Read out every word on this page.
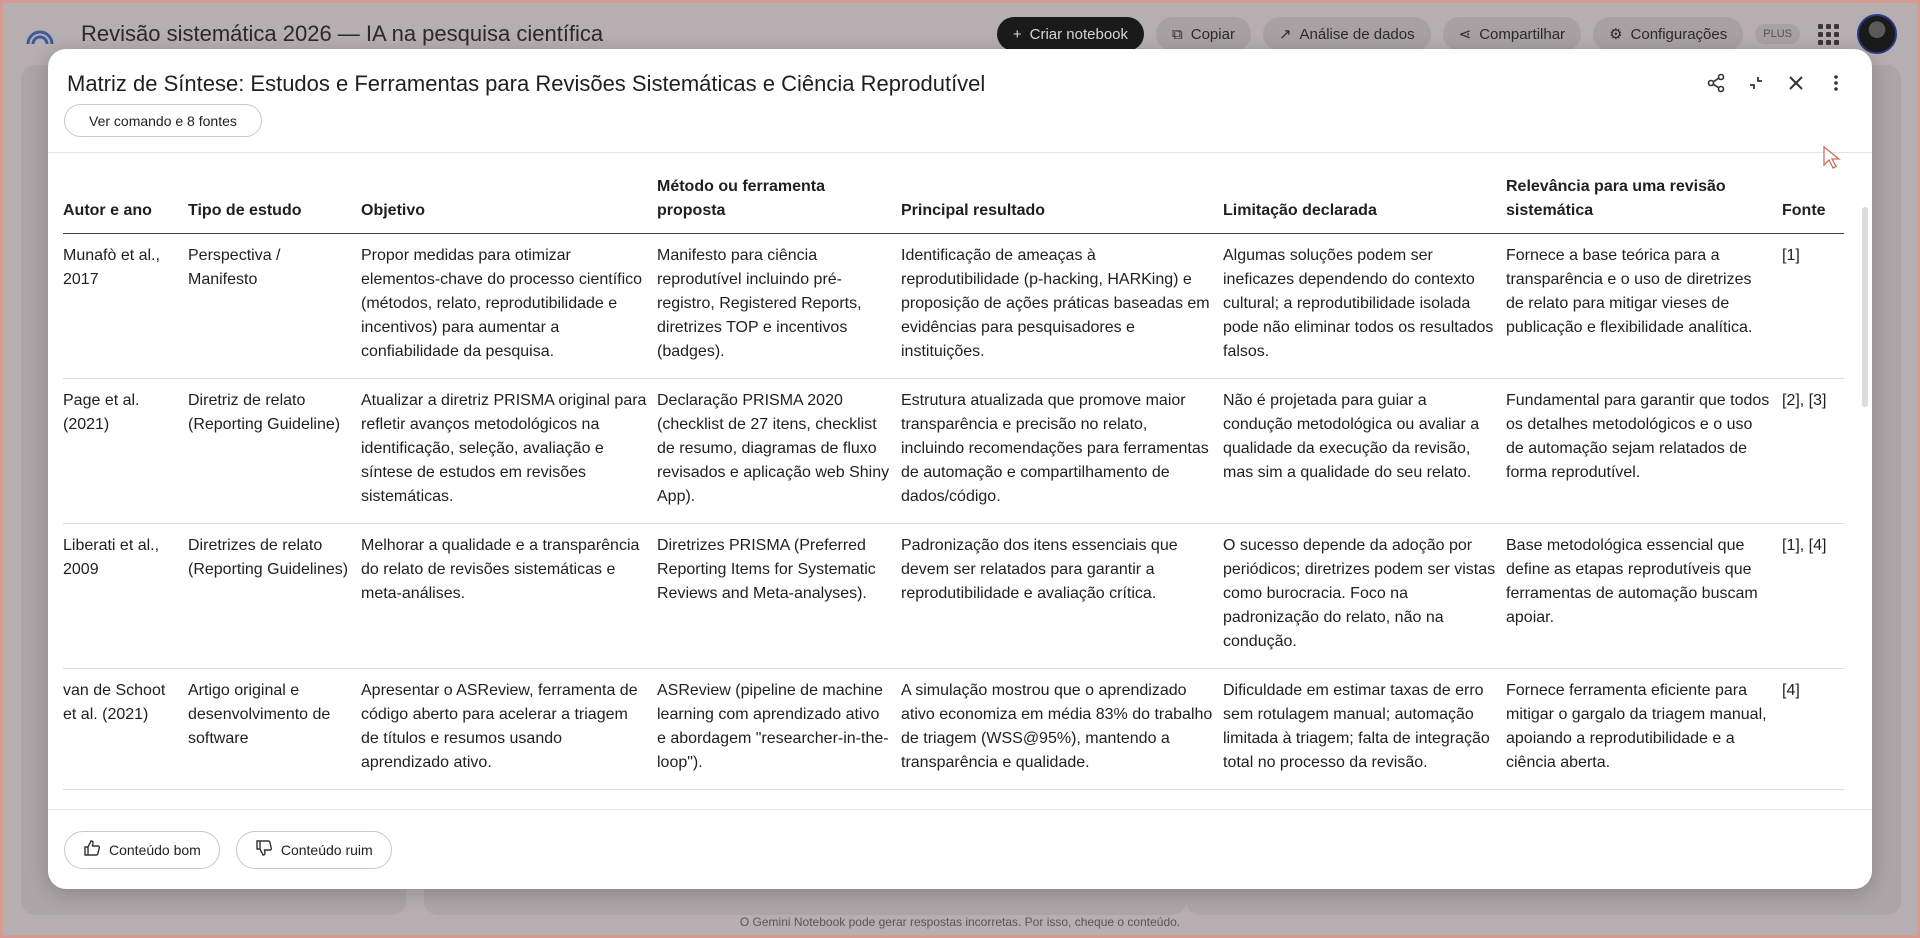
Revisão sistemática 2026 — IA na pesquisa científica	+ Criar notebook	⧉ Copiar	↗ Análise de dados	⋖ Compartilhar	⚙ Configurações	PLUS
O Gemini Notebook pode gerar respostas incorretas. Por isso, cheque o conteúdo.
Matriz de Síntese: Estudos e Ferramentas para Revisões Sistemáticas e Ciência Reprodutível
Ver comando e 8 fontes
Autor e ano	Tipo de estudo	Objetivo	Método ou ferramenta proposta	Principal resultado	Limitação declarada	Relevância para uma revisão sistemática	Fonte
Munafò et al., 2017	Perspectiva / Manifesto	Propor medidas para otimizar elementos-chave do processo científico (métodos, relato, reprodutibilidade e incentivos) para aumentar a confiabilidade da pesquisa.	Manifesto para ciência reprodutível incluindo pré-registro, Registered Reports, diretrizes TOP e incentivos (badges).	Identificação de ameaças à reprodutibilidade (p-hacking, HARKing) e proposição de ações práticas baseadas em evidências para pesquisadores e instituições.	Algumas soluções podem ser ineficazes dependendo do contexto cultural; a reprodutibilidade isolada pode não eliminar todos os resultados falsos.	Fornece a base teórica para a transparência e o uso de diretrizes de relato para mitigar vieses de publicação e flexibilidade analítica.	[1]
Page et al. (2021)	Diretriz de relato (Reporting Guideline)	Atualizar a diretriz PRISMA original para refletir avanços metodológicos na identificação, seleção, avaliação e síntese de estudos em revisões sistemáticas.	Declaração PRISMA 2020 (checklist de 27 itens, checklist de resumo, diagramas de fluxo revisados e aplicação web Shiny App).	Estrutura atualizada que promove maior transparência e precisão no relato, incluindo recomendações para ferramentas de automação e compartilhamento de dados/código.	Não é projetada para guiar a condução metodológica ou avaliar a qualidade da execução da revisão, mas sim a qualidade do seu relato.	Fundamental para garantir que todos os detalhes metodológicos e o uso de automação sejam relatados de forma reprodutível.	[2], [3]
Liberati et al., 2009	Diretrizes de relato (Reporting Guidelines)	Melhorar a qualidade e a transparência do relato de revisões sistemáticas e meta-análises.	Diretrizes PRISMA (Preferred Reporting Items for Systematic Reviews and Meta-analyses).	Padronização dos itens essenciais que devem ser relatados para garantir a reprodutibilidade e avaliação crítica.	O sucesso depende da adoção por periódicos; diretrizes podem ser vistas como burocracia. Foco na padronização do relato, não na condução.	Base metodológica essencial que define as etapas reprodutíveis que ferramentas de automação buscam apoiar.	[1], [4]
van de Schoot et al. (2021)	Artigo original e desenvolvimento de software	Apresentar o ASReview, ferramenta de código aberto para acelerar a triagem de títulos e resumos usando aprendizado ativo.	ASReview (pipeline de machine learning com aprendizado ativo e abordagem "researcher-in-the-loop").	A simulação mostrou que o aprendizado ativo economiza em média 83% do trabalho de triagem (WSS@95%), mantendo a transparência e qualidade.	Dificuldade em estimar taxas de erro sem rotulagem manual; automação limitada à triagem; falta de integração total no processo da revisão.	Fornece ferramenta eficiente para mitigar o gargalo da triagem manual, apoiando a reprodutibilidade e a ciência aberta.	[4]
Conteúdo bom	Conteúdo ruim
